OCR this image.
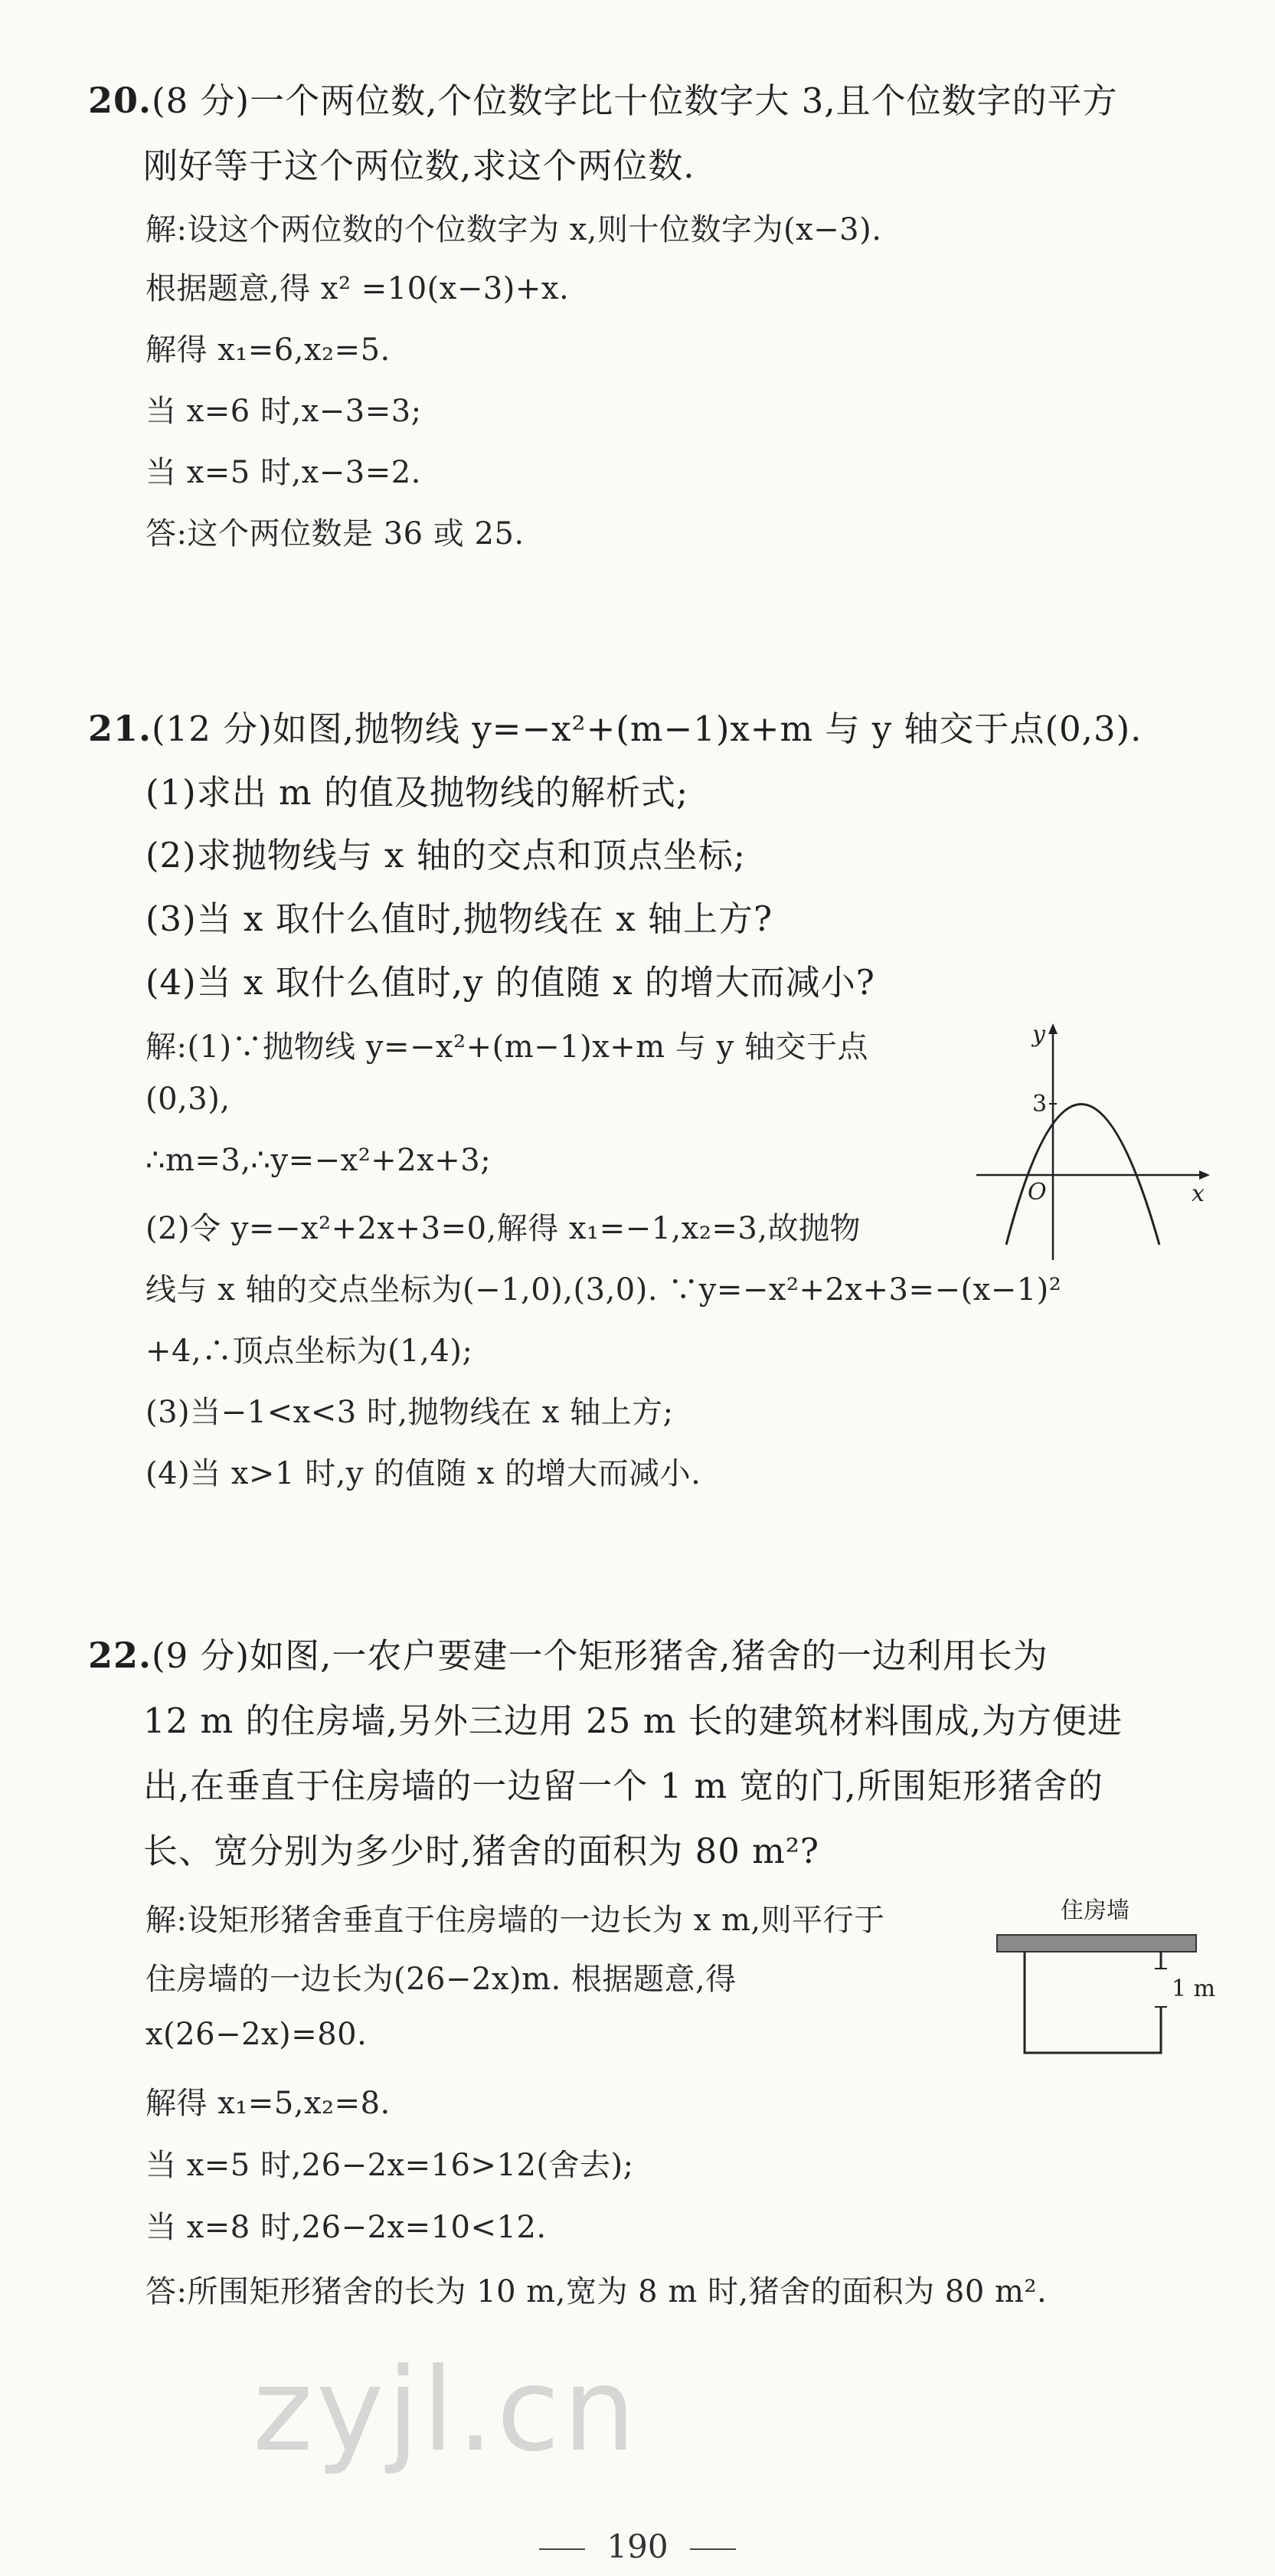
20.(8 分)一个两位数,个位数字比十位数字大 3,且个位数字的平方
刚好等于这个两位数,求这个两位数.
解:设这个两位数的个位数字为 x,则十位数字为(x−3).
根据题意,得 x² =10(x−3)+x.
解得 x₁=6,x₂=5.
当 x=6 时,x−3=3;
当 x=5 时,x−3=2.
答:这个两位数是 36 或 25.
21.(12 分)如图,抛物线 y=−x²+(m−1)x+m 与 y 轴交于点(0,3).
(1)求出 m 的值及抛物线的解析式;
(2)求抛物线与 x 轴的交点和顶点坐标;
(3)当 x 取什么值时,抛物线在 x 轴上方?
(4)当 x 取什么值时,y 的值随 x 的增大而减小?
解:(1)∵抛物线 y=−x²+(m−1)x+m 与 y 轴交于点
(0,3),
∴m=3,∴y=−x²+2x+3;
(2)令 y=−x²+2x+3=0,解得 x₁=−1,x₂=3,故抛物
线与 x 轴的交点坐标为(−1,0),(3,0). ∵y=−x²+2x+3=−(x−1)²
+4,∴顶点坐标为(1,4);
(3)当−1<x<3 时,抛物线在 x 轴上方;
(4)当 x>1 时,y 的值随 x 的增大而减小.
y
x
O
3
22.(9 分)如图,一农户要建一个矩形猪舍,猪舍的一边利用长为
12 m 的住房墙,另外三边用 25 m 长的建筑材料围成,为方便进
出,在垂直于住房墙的一边留一个 1 m 宽的门,所围矩形猪舍的
长、宽分别为多少时,猪舍的面积为 80 m²?
解:设矩形猪舍垂直于住房墙的一边长为 x m,则平行于
住房墙的一边长为(26−2x)m. 根据题意,得
x(26−2x)=80.
解得 x₁=5,x₂=8.
当 x=5 时,26−2x=16>12(舍去);
当 x=8 时,26−2x=10<12.
答:所围矩形猪舍的长为 10 m,宽为 8 m 时,猪舍的面积为 80 m².
住房墙
1 m
zyjl.cn
190
